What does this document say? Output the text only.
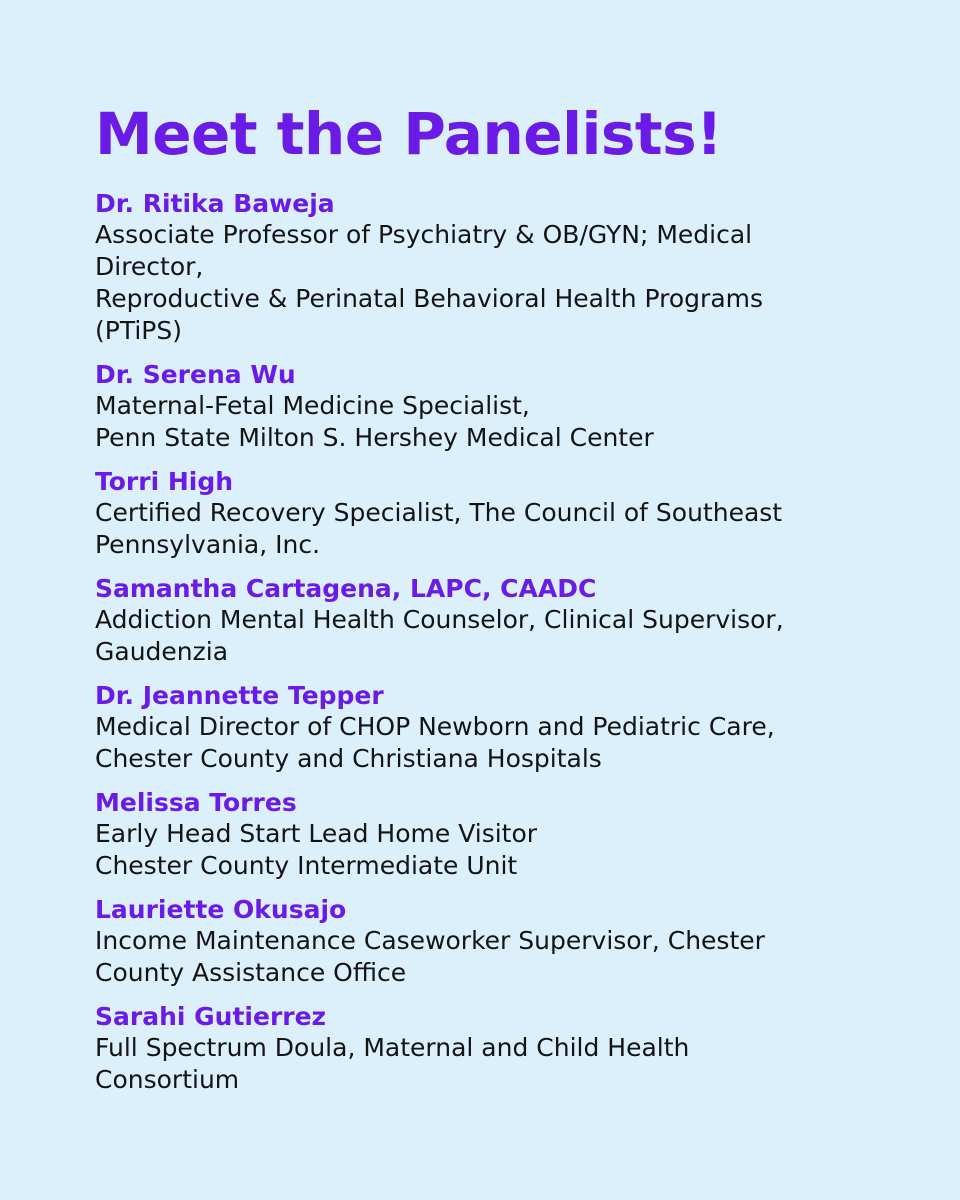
Meet the Panelists!
Dr. Ritika Baweja
Associate Professor of Psychiatry & OB/GYN; Medical
Director,
Reproductive & Perinatal Behavioral Health Programs
(PTiPS)
Dr. Serena Wu
Maternal-Fetal Medicine Specialist,
Penn State Milton S. Hershey Medical Center
Torri High
Certified Recovery Specialist, The Council of Southeast
Pennsylvania, Inc.
Samantha Cartagena, LAPC, CAADC
Addiction Mental Health Counselor, Clinical Supervisor,
Gaudenzia
Dr. Jeannette Tepper
Medical Director of CHOP Newborn and Pediatric Care,
Chester County and Christiana Hospitals
Melissa Torres
Early Head Start Lead Home Visitor
Chester County Intermediate Unit
Lauriette Okusajo
Income Maintenance Caseworker Supervisor, Chester
County Assistance Office
Sarahi Gutierrez
Full Spectrum Doula, Maternal and Child Health
Consortium
